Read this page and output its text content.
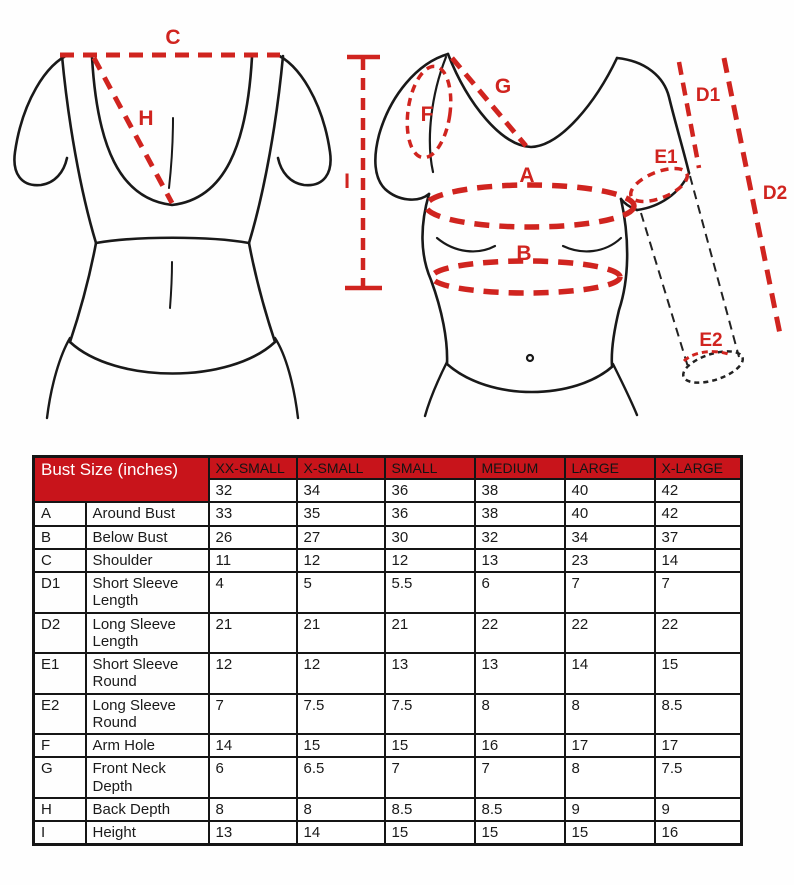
C
H
I
G
F
A
B
E1
D1
D2
E2
Bust Size (inches)		XX-SMALL	X-SMALL	SMALL	MEDIUM	LARGE	X-LARGE
		32	34	36	38	40	42
A	Around Bust	33	35	36	38	40	42
B	Below Bust	26	27	30	32	34	37
C	Shoulder	11	12	12	13	23	14
D1	Short Sleeve Length	4	5	5.5	6	7	7
D2	Long Sleeve Length	21	21	21	22	22	22
E1	Short Sleeve Round	12	12	13	13	14	15
E2	Long Sleeve Round	7	7.5	7.5	8	8	8.5
F	Arm Hole	14	15	15	16	17	17
G	Front Neck Depth	6	6.5	7	7	8	7.5
H	Back Depth	8	8	8.5	8.5	9	9
I	Height	13	14	15	15	15	16
